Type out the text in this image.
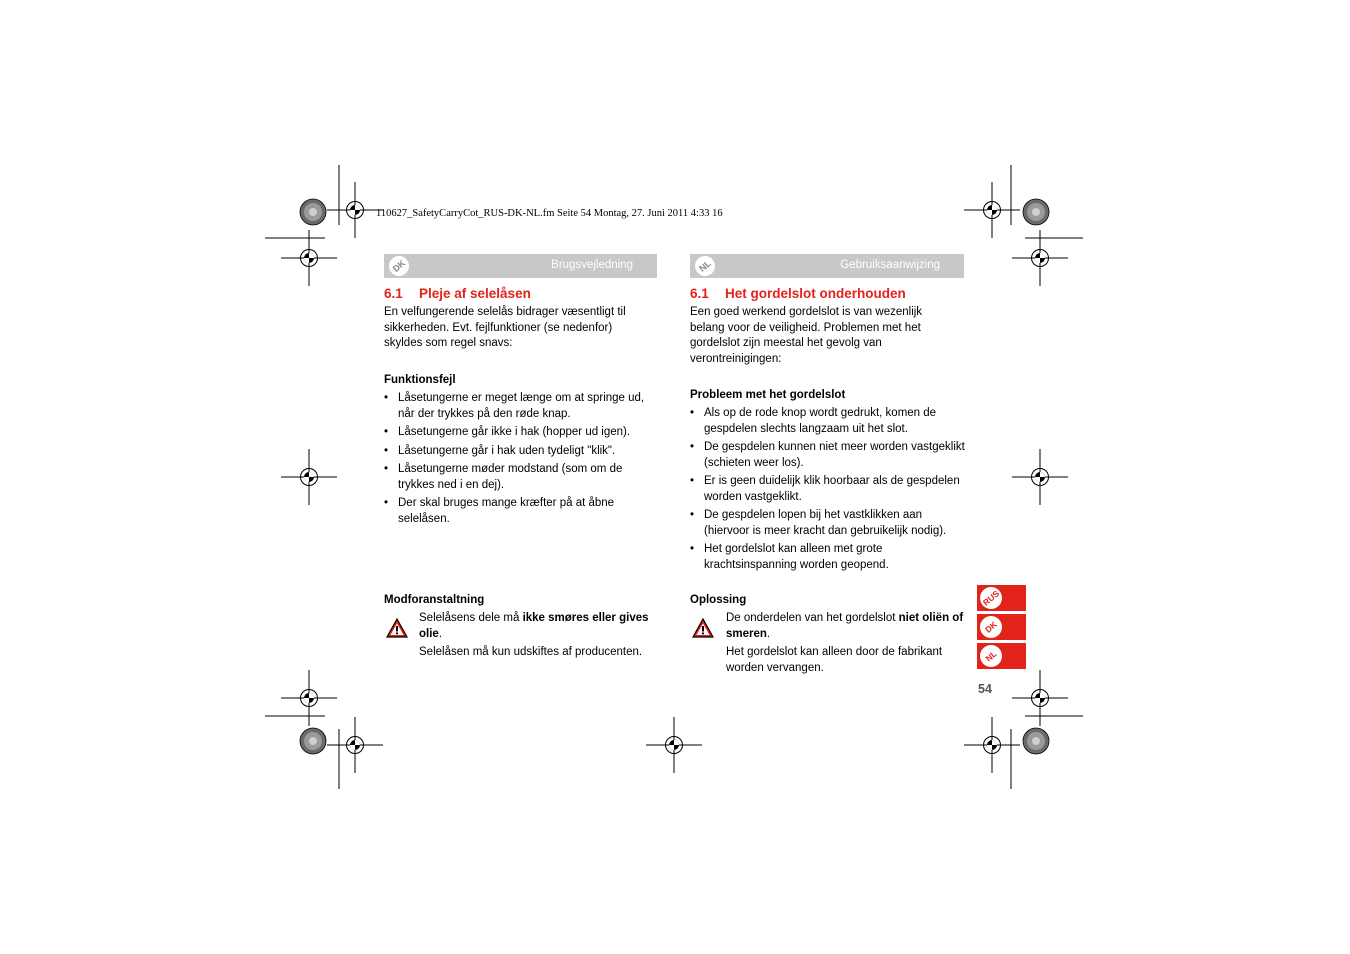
110627_SafetyCarryCot_RUS-DK-NL.fm Seite 54 Montag, 27. Juni 2011 4:33 16
DK	Brugsvejledning
6.1 Pleje af selelåsen
En velfungerende selelås bidrager væsentligt til sikkerheden. Evt. fejlfunktioner (se nedenfor) skyldes som regel snavs:
Funktionsfejl
• Låsetungerne er meget længe om at springe ud, når der trykkes på den røde knap.
• Låsetungerne går ikke i hak (hopper ud igen).
• Låsetungerne går i hak uden tydeligt "klik".
• Låsetungerne møder modstand (som om de trykkes ned i en dej).
• Der skal bruges mange kræfter på at åbne selelåsen.
Modforanstaltning
Selelåsens dele må ikke smøres eller gives olie.
Selelåsen må kun udskiftes af producenten.
NL	Gebruiksaanwijzing
6.1 Het gordelslot onderhouden
Een goed werkend gordelslot is van wezenlijk belang voor de veiligheid. Problemen met het gordelslot zijn meestal het gevolg van verontreinigingen:
Probleem met het gordelslot
• Als op de rode knop wordt gedrukt, komen de gespdelen slechts langzaam uit het slot.
• De gespdelen kunnen niet meer worden vastgeklikt (schieten weer los).
• Er is geen duidelijk klik hoorbaar als de gespdelen worden vastgeklikt.
• De gespdelen lopen bij het vastklikken aan (hiervoor is meer kracht dan gebruikelijk nodig).
• Het gordelslot kan alleen met grote krachtsinspanning worden geopend.
Oplossing
De onderdelen van het gordelslot niet oliën of smeren.
Het gordelslot kan alleen door de fabrikant worden vervangen.
RUS
DK
NL
54
